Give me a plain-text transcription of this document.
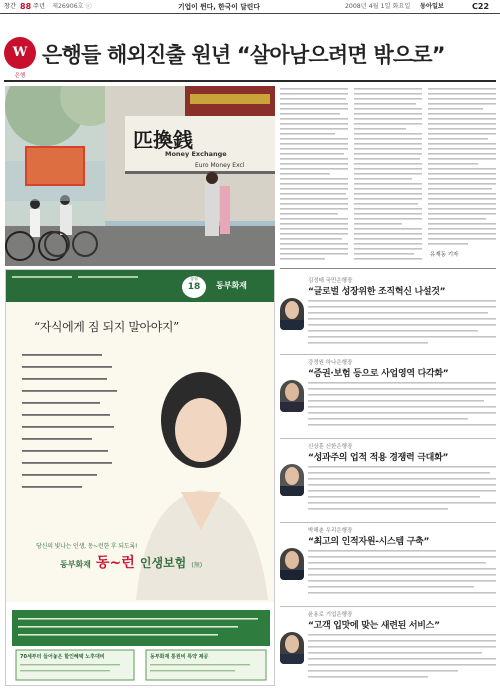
창간 88 주년 제26906호 ⓒ	기업이 뛴다, 한국이 달린다	2008년 4월 1일 화요일 동아일보	C22
W
은행
은행들 해외진출 원년 “살아남으려면 밖으로”
匹換銭
Money Exchange
Euro Money Excl
유재동 기자

창립
18	동부화재
“자식에게 짐 되지 말아야지”
당신의 빛나는 인생, 동~런한 후 되도록!
동부화재 동~런 인생보험 (無)
70세부터 들어놓은 할인혜택 노후대비	동부화재 통원비 특약 제공
김정태 국민은행장
“글로벌 성장위한 조직혁신 나설것”
강정원 하나은행장
“증권·보험 등으로 사업영역 다각화”
신상훈 신한은행장
“성과주의 업적 적용 경쟁력 극대화”
박해춘 우리은행장
“최고의 인적자원-시스템 구축”
윤용로 기업은행장
“고객 입맛에 맞는 새련된 서비스”
